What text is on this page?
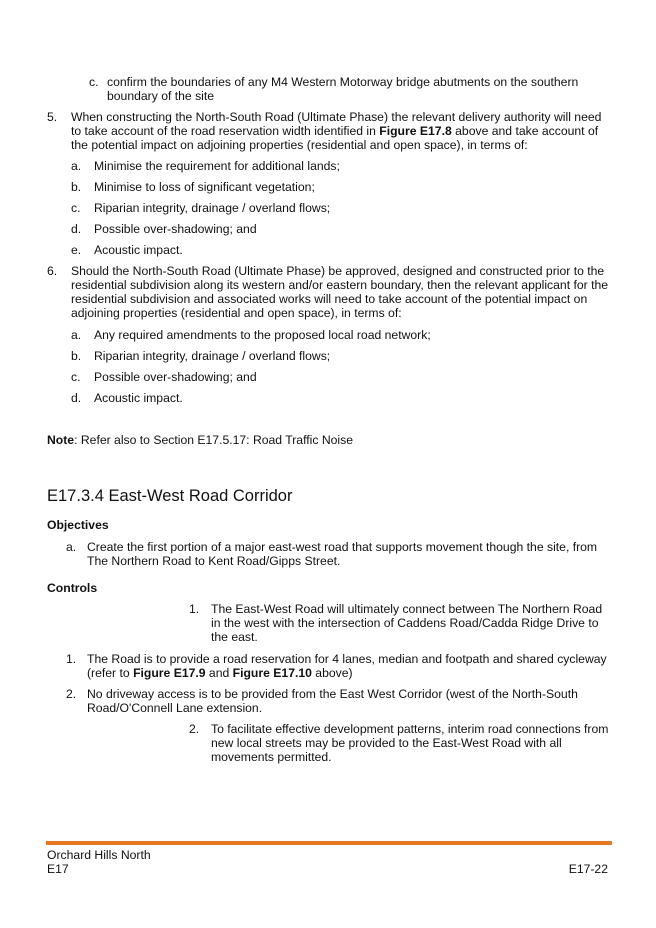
c. confirm the boundaries of any M4 Western Motorway bridge abutments on the southern
boundary of the site
5. When constructing the North-South Road (Ultimate Phase) the relevant delivery authority will need
to take account of the road reservation width identified in Figure E17.8 above and take account of
the potential impact on adjoining properties (residential and open space), in terms of:
a. Minimise the requirement for additional lands;
b. Minimise to loss of significant vegetation;
c. Riparian integrity, drainage / overland flows;
d. Possible over-shadowing; and
e. Acoustic impact.
6. Should the North-South Road (Ultimate Phase) be approved, designed and constructed prior to the
residential subdivision along its western and/or eastern boundary, then the relevant applicant for the
residential subdivision and associated works will need to take account of the potential impact on
adjoining properties (residential and open space), in terms of:
a. Any required amendments to the proposed local road network;
b. Riparian integrity, drainage / overland flows;
c. Possible over-shadowing; and
d. Acoustic impact.
Note: Refer also to Section E17.5.17: Road Traffic Noise
E17.3.4 East-West Road Corridor
Objectives
a. Create the first portion of a major east-west road that supports movement though the site, from
The Northern Road to Kent Road/Gipps Street.
Controls
1. The East-West Road will ultimately connect between The Northern Road
in the west with the intersection of Caddens Road/Cadda Ridge Drive to
the east.
1. The Road is to provide a road reservation for 4 lanes, median and footpath and shared cycleway
(refer to Figure E17.9 and Figure E17.10 above)
2. No driveway access is to be provided from the East West Corridor (west of the North-South
Road/O'Connell Lane extension.
2. To facilitate effective development patterns, interim road connections from
new local streets may be provided to the East-West Road with all
movements permitted.
Orchard Hills North
E17	E17-22
